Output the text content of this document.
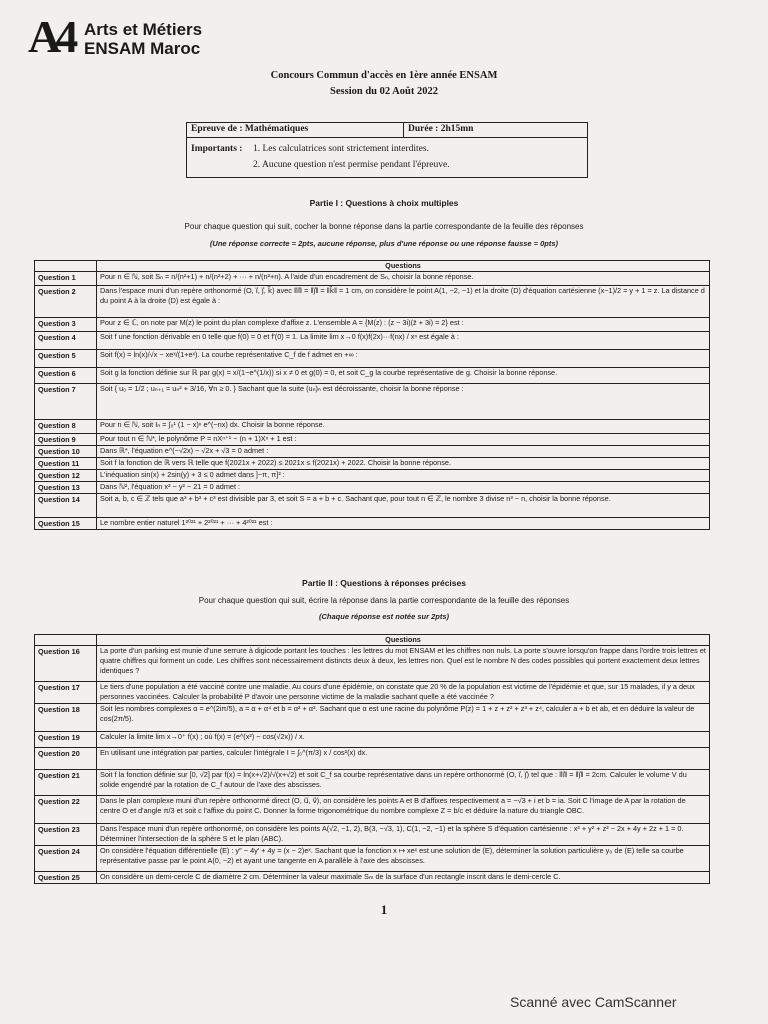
A4 Arts et Métiers
ENSAM Maroc
Concours Commun d'accès en 1ère année ENSAM
Session du 02 Août 2022
Epreuve de : Mathématiques	Durée : 2h15mn
Importants :	1. Les calculatrices sont strictement interdites.
2. Aucune question n'est permise pendant l'épreuve.
Partie I : Questions à choix multiples
Pour chaque question qui suit, cocher la bonne réponse dans la partie correspondante de la feuille des réponses
(Une réponse correcte = 2pts, aucune réponse, plus d'une réponse ou une réponse fausse = 0pts)
	Questions
Question 1	Pour n ∈ ℕ, soit Sₙ = n/(n²+1) + n/(n²+2) + ··· + n/(n²+n). A l'aide d'un encadrement de Sₙ, choisir la bonne réponse.
Question 2	Dans l'espace muni d'un repère orthonormé (O, i⃗, j⃗, k⃗) avec ‖i⃗‖ = ‖j⃗‖ = ‖k⃗‖ = 1 cm, on considère le point A(1, −2, −1) et la droite (D) d'équation cartésienne (x−1)/2 = y + 1 = z. La distance d du point A à la droite (D) est égale à :
Question 3	Pour z ∈ ℂ, on note par M(z) le point du plan complexe d'affixe z. L'ensemble A = {M(z) : (z − 3i)(z̄ + 3i) = 2} est :
Question 4	Soit f une fonction dérivable en 0 telle que f(0) = 0 et f′(0) = 1. La limite lim x→0 f(x)f(2x)···f(nx) / xⁿ est égale à :
Question 5	Soit f(x) = ln(x)/√x − xeˣ/(1+eˣ). La courbe représentative C_f de f admet en +∞ :
Question 6	Soit g la fonction définie sur ℝ par g(x) = x/(1−e^(1/x)) si x ≠ 0 et g(0) = 0, et soit C_g la courbe représentative de g. Choisir la bonne réponse.
Question 7	Soit { u₀ = 1/2 ; uₙ₊₁ = uₙ² + 3/16, ∀n ≥ 0. } Sachant que la suite (uₙ)ₙ est décroissante, choisir la bonne réponse :
Question 8	Pour n ∈ ℕ, soit Iₙ = ∫₀¹ (1 − x)ⁿ e^(−nx) dx. Choisir la bonne réponse.
Question 9	Pour tout n ∈ ℕ*, le polynôme P = nXⁿ⁺¹ − (n + 1)Xⁿ + 1 est :
Question 10	Dans ℝ*, l'équation e^(−√2x) − √2x + √3 = 0 admet :
Question 11	Soit f la fonction de ℝ vers ℝ telle que f(2021x + 2022) ≤ 2021x ≤ f(2021x) + 2022. Choisir la bonne réponse.
Question 12	L'inéquation sin(x) + 2sin(y) + 3 ≤ 0 admet dans ]−π, π]² :
Question 13	Dans ℕ², l'équation x² − y² − 21 = 0 admet :
Question 14	Soit a, b, c ∈ ℤ tels que a³ + b³ + c³ est divisible par 3, et soit S = a + b + c. Sachant que, pour tout n ∈ ℤ, le nombre 3 divise n³ − n, choisir la bonne réponse.
Question 15	Le nombre entier naturel 1²⁰²¹ + 2²⁰²¹ + ··· + 4²⁰²¹ est :
Partie II : Questions à réponses précises
Pour chaque question qui suit, écrire la réponse dans la partie correspondante de la feuille des réponses
(Chaque réponse est notée sur 2pts)
	Questions
Question 16	La porte d'un parking est munie d'une serrure à digicode portant les touches : les lettres du mot ENSAM et les chiffres non nuls. La porte s'ouvre lorsqu'on frappe dans l'ordre trois lettres et quatre chiffres qui forment un code. Les chiffres sont nécessairement distincts deux à deux, les lettres non. Quel est le nombre N des codes possibles qui portent exactement deux lettres identiques ?
Question 17	Le tiers d'une population a été vacciné contre une maladie. Au cours d'une épidémie, on constate que 20 % de la population est victime de l'épidémie et que, sur 15 malades, il y a deux personnes vaccinées. Calculer la probabilité P d'avoir une personne victime de la maladie sachant quelle a été vaccinée ?
Question 18	Soit les nombres complexes α = e^(2iπ/5), a = α + α⁴ et b = α² + α³. Sachant que α est une racine du polynôme P(z) = 1 + z + z² + z³ + z⁴, calculer a + b et ab, et en déduire la valeur de cos(2π/5).
Question 19	Calculer la limite lim x→0⁺ f(x) ; où f(x) = (e^(x²) − cos(√2x)) / x.
Question 20	En utilisant une intégration par parties, calculer l'intégrale I = ∫₀^(π/3) x / cos²(x) dx.
Question 21	Soit f la fonction définie sur [0, √2] par f(x) = ln(x+√2)/√(x+√2) et soit C_f sa courbe représentative dans un repère orthonormé (O, i⃗, j⃗) tel que : ‖i⃗‖ = ‖j⃗‖ = 2cm. Calculer le volume V du solide engendré par la rotation de C_f autour de l'axe des abscisses.
Question 22	Dans le plan complexe muni d'un repère orthonormé direct (O, u⃗, v⃗), on considère les points A et B d'affixes respectivement a = −√3 + i et b = ia. Soit C l'image de A par la rotation de centre O et d'angle π/3 et soit c l'affixe du point C. Donner la forme trigonométrique du nombre complexe Z = b/c et déduire la nature du triangle OBC.
Question 23	Dans l'espace muni d'un repère orthonormé, on considère les points A(√2, −1, 2), B(3, −√3, 1), C(1, −2, −1) et la sphère S d'équation cartésienne : x² + y² + z² − 2x + 4y + 2z + 1 = 0. Déterminer l'intersection de la sphère S et le plan (ABC).
Question 24	On considère l'équation différentielle (E) : y″ − 4y′ + 4y = (x − 2)eˣ. Sachant que la fonction x ↦ xeˣ est une solution de (E), déterminer la solution particulière y₀ de (E) telle sa courbe représentative passe par le point A(0, −2) et ayant une tangente en A parallèle à l'axe des abscisses.
Question 25	On considère un demi-cercle C de diamètre 2 cm. Déterminer la valeur maximale Sₘ de la surface d'un rectangle inscrit dans le demi-cercle C.
1
Scanné avec CamScanner
